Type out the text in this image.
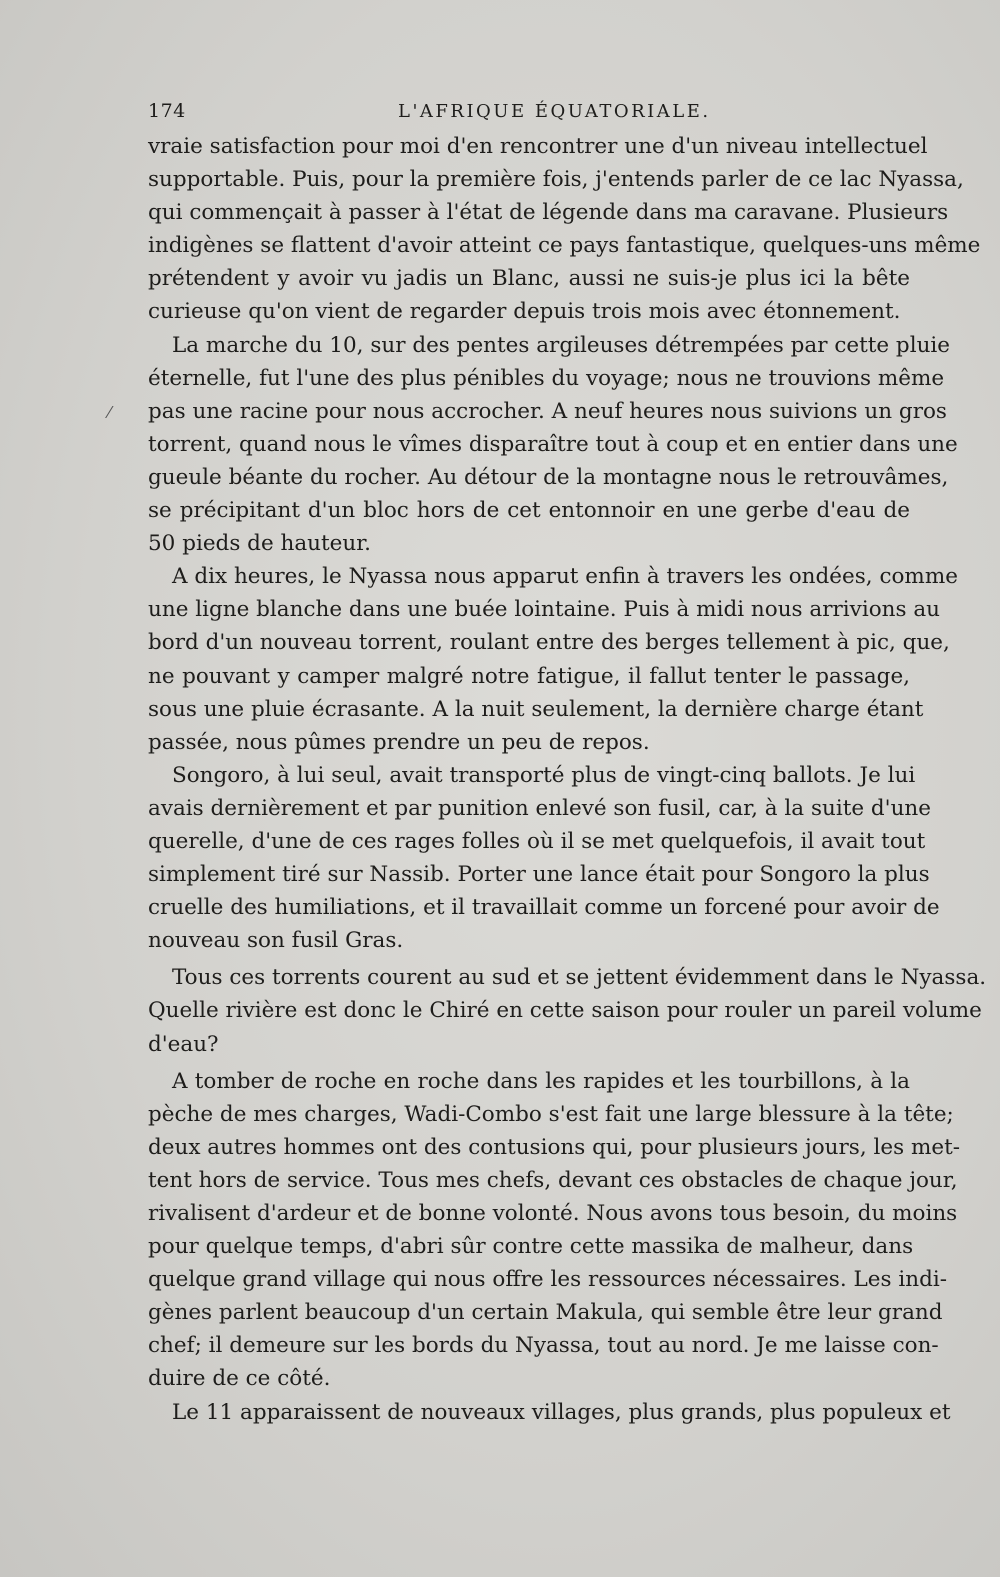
174	L'AFRIQUE ÉQUATORIALE.
vraie satisfaction pour moi d'en rencontrer une d'un niveau intellectuel
supportable. Puis, pour la première fois, j'entends parler de ce lac Nyassa,
qui commençait à passer à l'état de légende dans ma caravane. Plusieurs
indigènes se flattent d'avoir atteint ce pays fantastique, quelques-uns même
prétendent y avoir vu jadis un Blanc, aussi ne suis-je plus ici la bête
curieuse qu'on vient de regarder depuis trois mois avec étonnement.
La marche du 10, sur des pentes argileuses détrempées par cette pluie
éternelle, fut l'une des plus pénibles du voyage; nous ne trouvions même
pas une racine pour nous accrocher. A neuf heures nous suivions un gros
torrent, quand nous le vîmes disparaître tout à coup et en entier dans une
gueule béante du rocher. Au détour de la montagne nous le retrouvâmes,
se précipitant d'un bloc hors de cet entonnoir en une gerbe d'eau de
50 pieds de hauteur.
A dix heures, le Nyassa nous apparut enfin à travers les ondées, comme
une ligne blanche dans une buée lointaine. Puis à midi nous arrivions au
bord d'un nouveau torrent, roulant entre des berges tellement à pic, que,
ne pouvant y camper malgré notre fatigue, il fallut tenter le passage,
sous une pluie écrasante. A la nuit seulement, la dernière charge étant
passée, nous pûmes prendre un peu de repos.
Songoro, à lui seul, avait transporté plus de vingt-cinq ballots. Je lui
avais dernièrement et par punition enlevé son fusil, car, à la suite d'une
querelle, d'une de ces rages folles où il se met quelquefois, il avait tout
simplement tiré sur Nassib. Porter une lance était pour Songoro la plus
cruelle des humiliations, et il travaillait comme un forcené pour avoir de
nouveau son fusil Gras.
Tous ces torrents courent au sud et se jettent évidemment dans le Nyassa.
Quelle rivière est donc le Chiré en cette saison pour rouler un pareil volume
d'eau?
A tomber de roche en roche dans les rapides et les tourbillons, à la
pèche de mes charges, Wadi-Combo s'est fait une large blessure à la tête;
deux autres hommes ont des contusions qui, pour plusieurs jours, les met-
tent hors de service. Tous mes chefs, devant ces obstacles de chaque jour,
rivalisent d'ardeur et de bonne volonté. Nous avons tous besoin, du moins
pour quelque temps, d'abri sûr contre cette massika de malheur, dans
quelque grand village qui nous offre les ressources nécessaires. Les indi-
gènes parlent beaucoup d'un certain Makula, qui semble être leur grand
chef; il demeure sur les bords du Nyassa, tout au nord. Je me laisse con-
duire de ce côté.
Le 11 apparaissent de nouveaux villages, plus grands, plus populeux et
⁄
